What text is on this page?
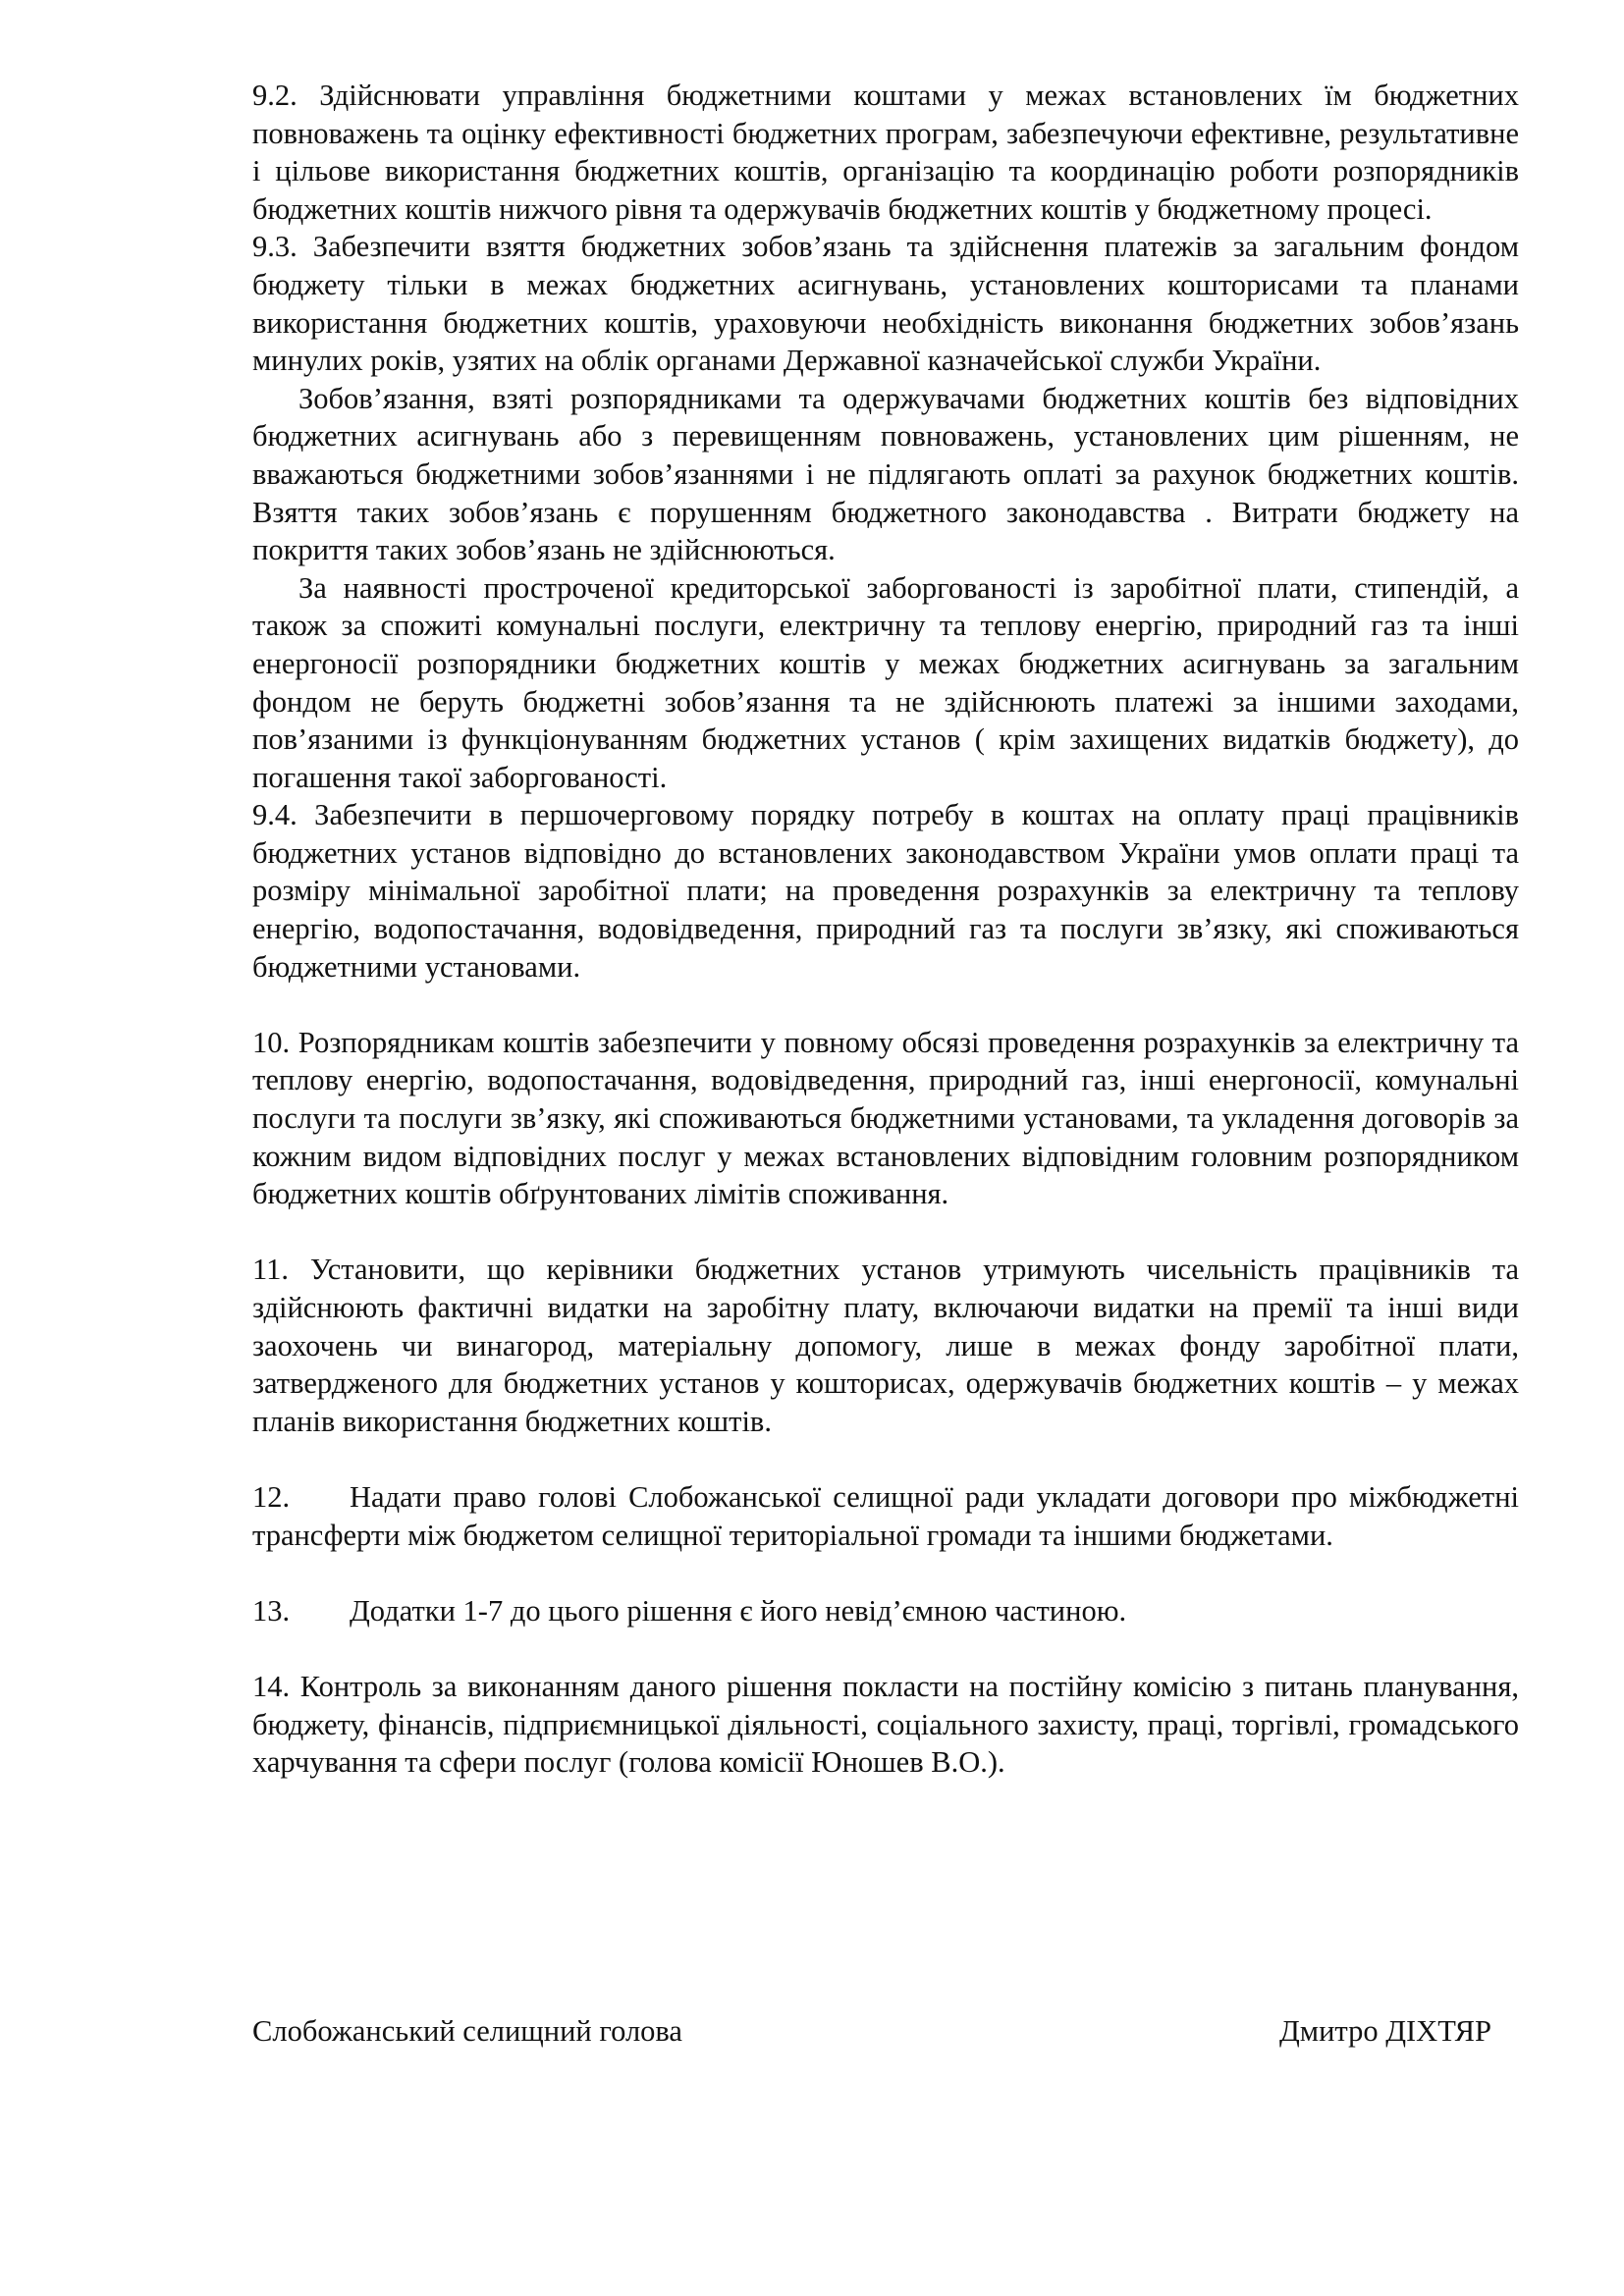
9.2. Здійснювати управління бюджетними коштами у межах встановлених їм бюджетних повноважень та оцінку ефективності бюджетних програм, забезпечуючи ефективне, результативне і цільове використання бюджетних коштів, організацію та координацію роботи розпорядників бюджетних коштів нижчого рівня та одержувачів бюджетних коштів у бюджетному процесі.

9.3. Забезпечити взяття бюджетних зобов’язань та здійснення платежів за загальним фондом бюджету тільки в межах бюджетних асигнувань, установлених кошторисами та планами використання бюджетних коштів, ураховуючи необхідність виконання бюджетних зобов’язань минулих років, узятих на облік органами Державної казначейської служби України.

Зобов’язання, взяті розпорядниками та одержувачами бюджетних коштів без відповідних бюджетних асигнувань або з перевищенням повноважень, установлених цим рішенням, не вважаються бюджетними зобов’язаннями і не підлягають оплаті за рахунок бюджетних коштів. Взяття таких зобов’язань є порушенням бюджетного законодавства . Витрати бюджету на покриття таких зобов’язань не здійснюються.

За наявності простроченої кредиторської заборгованості із заробітної плати, стипендій, а також за спожиті комунальні послуги, електричну та теплову енергію, природний газ та інші енергоносії розпорядники бюджетних коштів у межах бюджетних асигнувань за загальним фондом не беруть бюджетні зобов’язання та не здійснюють платежі за іншими заходами, пов’язаними із функціонуванням бюджетних установ ( крім захищених видатків бюджету), до погашення такої заборгованості.

9.4. Забезпечити в першочерговому порядку потребу в коштах на оплату праці працівників бюджетних установ відповідно до встановлених законодавством України умов оплати праці та розміру мінімальної заробітної плати; на проведення розрахунків за електричну та теплову енергію, водопостачання, водовідведення, природний газ та послуги зв’язку, які споживаються бюджетними установами.

10. Розпорядникам коштів забезпечити у повному обсязі проведення розрахунків за електричну та теплову енергію, водопостачання, водовідведення, природний газ, інші енергоносії, комунальні послуги та послуги зв’язку, які споживаються бюджетними установами, та укладення договорів за кожним видом відповідних послуг у межах встановлених відповідним головним розпорядником бюджетних коштів обґрунтованих лімітів споживання.

11. Установити, що керівники бюджетних установ утримують чисельність працівників та здійснюють фактичні видатки на заробітну плату, включаючи видатки на премії та інші види заохочень чи винагород, матеріальну допомогу, лише в межах фонду заробітної плати, затвердженого для бюджетних установ у кошторисах, одержувачів бюджетних коштів – у межах планів використання бюджетних коштів.

12. Надати право голові Слобожанської селищної ради укладати договори про міжбюджетні трансферти між бюджетом селищної територіальної громади та іншими бюджетами.

13. Додатки 1-7 до цього рішення є його невід’ємною частиною.

14. Контроль за виконанням даного рішення покласти на постійну комісію з питань планування, бюджету, фінансів, підприємницької діяльності, соціального захисту, праці, торгівлі, громадського харчування та сфери послуг (голова комісії Юношев В.О.).

Слобожанський селищний голова	Дмитро ДІХТЯР
